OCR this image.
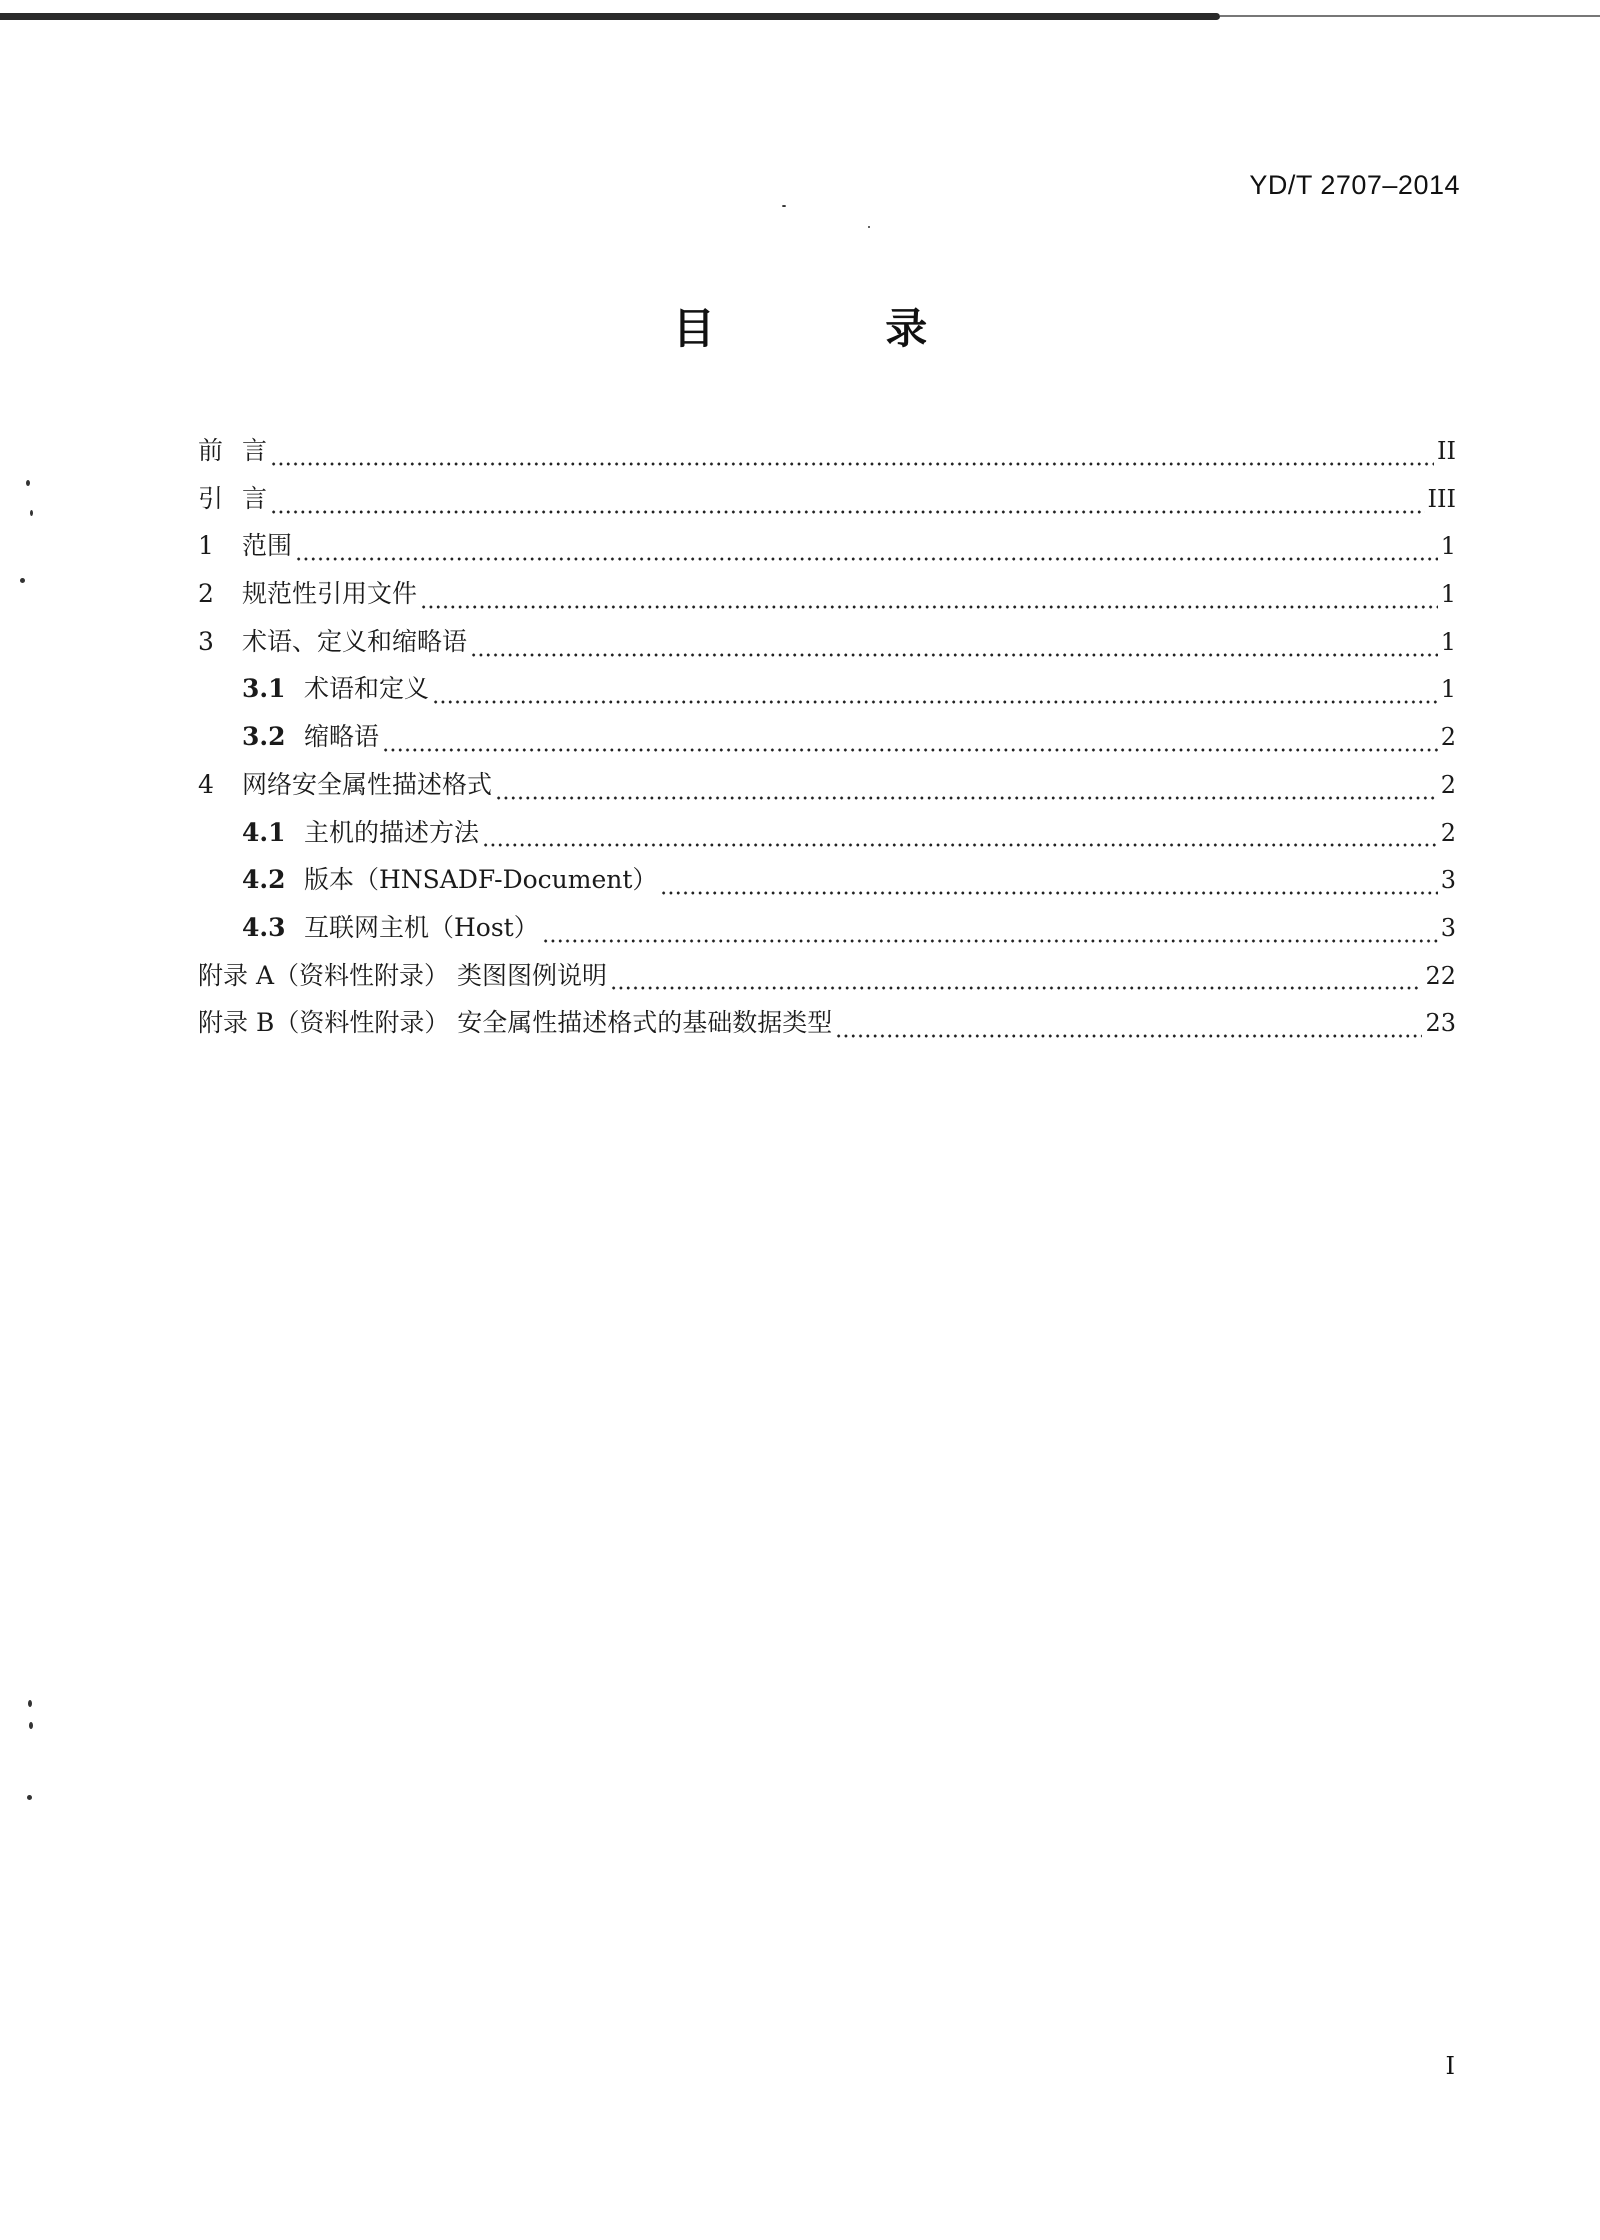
YD/T 2707–2014
目 录
前 言	II
引 言	III
1 范围	1
2 规范性引用文件	1
3 术语、定义和缩略语	1
3.1 术语和定义	1
3.2 缩略语	2
4 网络安全属性描述格式	2
4.1 主机的描述方法	2
4.2 版本（HNSADF-Document）	3
4.3 互联网主机（Host）	3
附录 A（资料性附录） 类图图例说明	22
附录 B（资料性附录） 安全属性描述格式的基础数据类型	23
I
